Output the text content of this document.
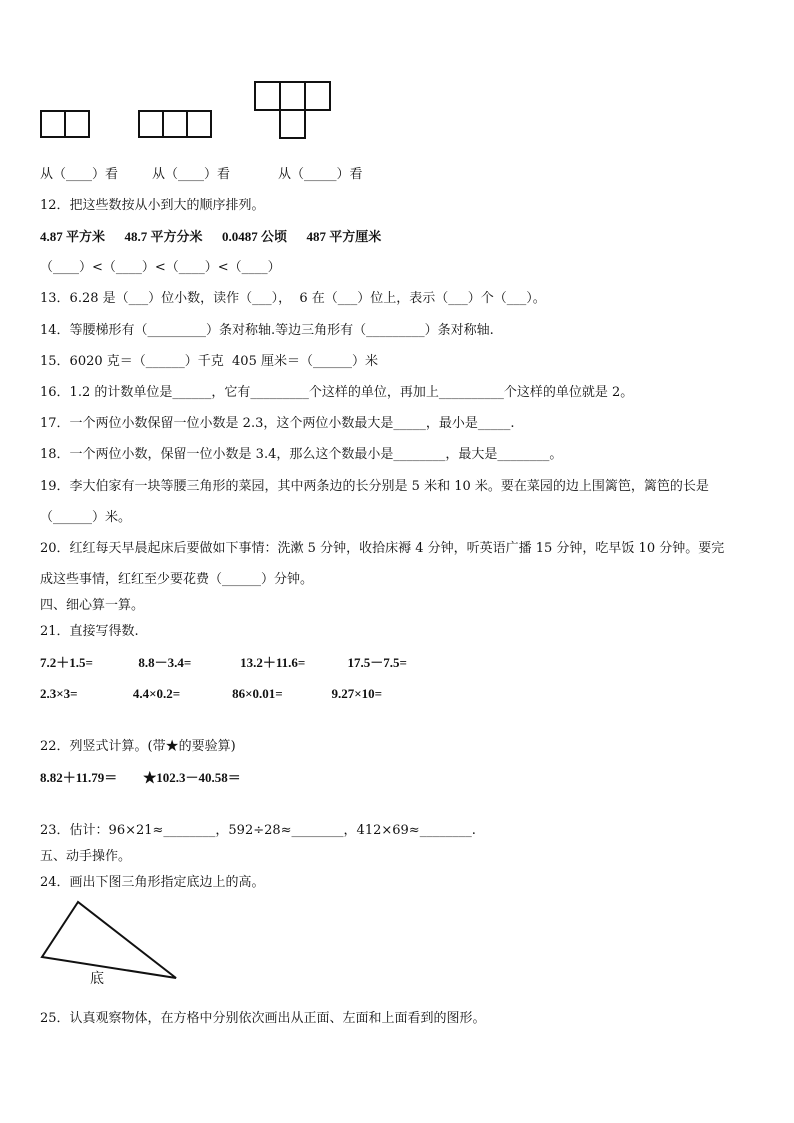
从（____）看	从（____）看	从（_____）看
12．把这些数按从小到大的顺序排列。
4.87 平方米      48.7 平方分米      0.0487 公顷      487 平方厘米
（____）<（____）<（____）<（____）
13．6.28 是（___）位小数，读作（___），  6 在（___）位上，表示（___）个（___）。
14．等腰梯形有（_________）条对称轴.等边三角形有（_________）条对称轴.
15．6020 克＝（______）千克  405 厘米＝（______）米
16．1.2 的计数单位是______，它有_________个这样的单位，再加上__________个这样的单位就是 2。
17．一个两位小数保留一位小数是 2.3，这个两位小数最大是_____，最小是_____.
18．一个两位小数，保留一位小数是 3.4，那么这个数最小是________，最大是________。
19．李大伯家有一块等腰三角形的菜园，其中两条边的长分别是 5 米和 10 米。要在菜园的边上围篱笆，篱笆的长是
（______）米。
20．红红每天早晨起床后要做如下事情：洗漱 5 分钟，收拾床褥 4 分钟，听英语广播 15 分钟，吃早饭 10 分钟。要完
成这些事情，红红至少要花费（______）分钟。
四、细心算一算。
21．直接写得数.
7.2＋1.5=              8.8－3.4=               13.2＋11.6=             17.5－7.5=
2.3×3=                 4.4×0.2=                86×0.01=               9.27×10=
22．列竖式计算。(带★的要验算)
8.82＋11.79＝        ★102.3－40.58＝
23．估计：96×21≈________，592÷28≈________，412×69≈________.
五、动手操作。
24．画出下图三角形指定底边上的高。
底
25．认真观察物体，在方格中分别依次画出从正面、左面和上面看到的图形。
